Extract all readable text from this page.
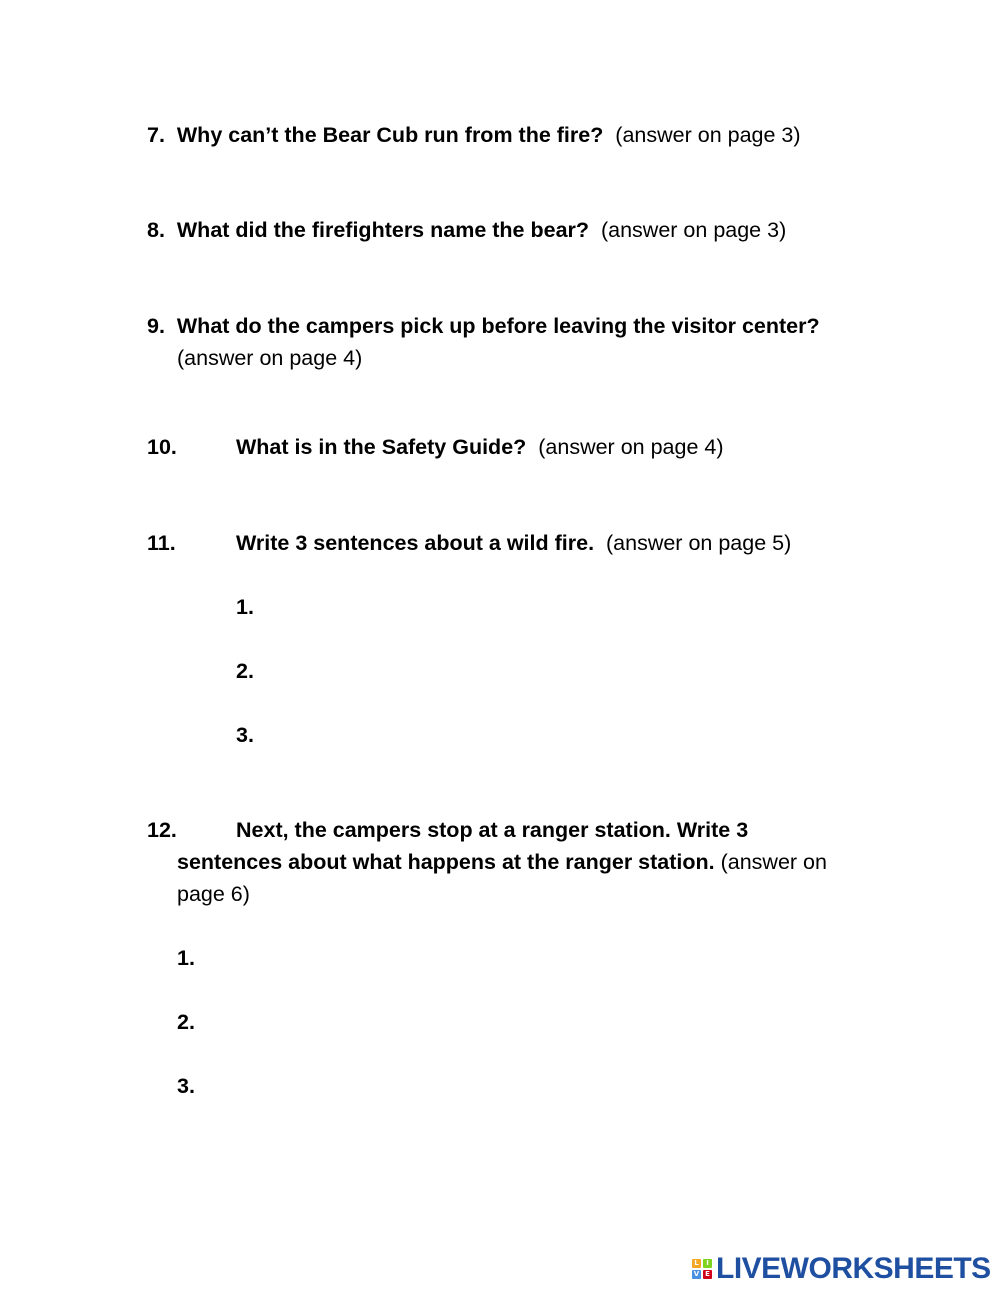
7. Why can’t the Bear Cub run from the fire? (answer on page 3)
8. What did the firefighters name the bear? (answer on page 3)
9. What do the campers pick up before leaving the visitor center?
(answer on page 4)
10.	What is in the Safety Guide? (answer on page 4)
11.	Write 3 sentences about a wild fire. (answer on page 5)
1.
2.
3.
12.	Next, the campers stop at a ranger station. Write 3
sentences about what happens at the ranger station. (answer on
page 6)
1.
2.
3.
L	I
V E LIVEWORKSHEETS
